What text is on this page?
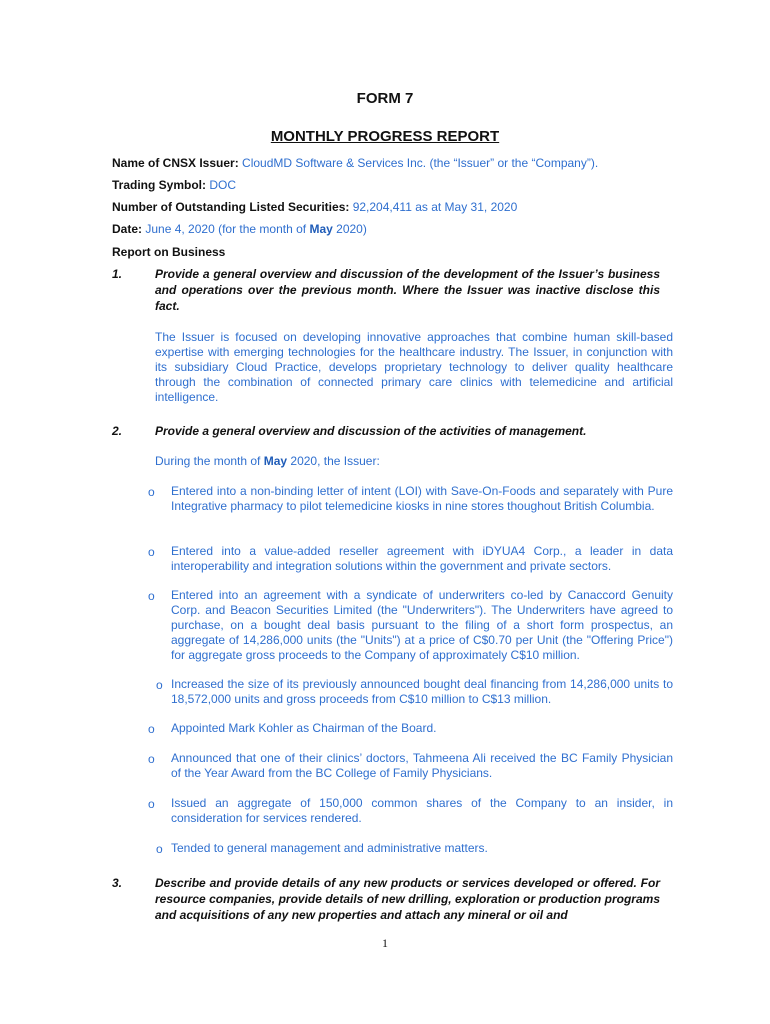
FORM 7
MONTHLY PROGRESS REPORT
Name of CNSX Issuer: CloudMD Software & Services Inc. (the “Issuer” or the “Company”).
Trading Symbol: DOC
Number of Outstanding Listed Securities: 92,204,411 as at May 31, 2020
Date: June 4, 2020 (for the month of May 2020)
Report on Business
1.	Provide a general overview and discussion of the development of the Issuer’s business and operations over the previous month. Where the Issuer was inactive disclose this fact.
The Issuer is focused on developing innovative approaches that combine human skill-based expertise with emerging technologies for the healthcare industry. The Issuer, in conjunction with its subsidiary Cloud Practice, develops proprietary technology to deliver quality healthcare through the combination of connected primary care clinics with telemedicine and artificial intelligence.
2.	Provide a general overview and discussion of the activities of management.
During the month of May 2020, the Issuer:
o Entered into a non-binding letter of intent (LOI) with Save-On-Foods and separately with Pure Integrative pharmacy to pilot telemedicine kiosks in nine stores thoughout British Columbia.
o Entered into a value-added reseller agreement with iDYUA4 Corp., a leader in data interoperability and integration solutions within the government and private sectors.
o Entered into an agreement with a syndicate of underwriters co-led by Canaccord Genuity Corp. and Beacon Securities Limited (the "Underwriters"). The Underwriters have agreed to purchase, on a bought deal basis pursuant to the filing of a short form prospectus, an aggregate of 14,286,000 units (the "Units") at a price of C$0.70 per Unit (the "Offering Price") for aggregate gross proceeds to the Company of approximately C$10 million.
o Increased the size of its previously announced bought deal financing from 14,286,000 units to 18,572,000 units and gross proceeds from C$10 million to C$13 million.
o Appointed Mark Kohler as Chairman of the Board.
o Announced that one of their clinics’ doctors, Tahmeena Ali received the BC Family Physician of the Year Award from the BC College of Family Physicians.
o Issued an aggregate of 150,000 common shares of the Company to an insider, in consideration for services rendered.
o Tended to general management and administrative matters.
3.	Describe and provide details of any new products or services developed or offered. For resource companies, provide details of new drilling, exploration or production programs and acquisitions of any new properties and attach any mineral or oil and
1
